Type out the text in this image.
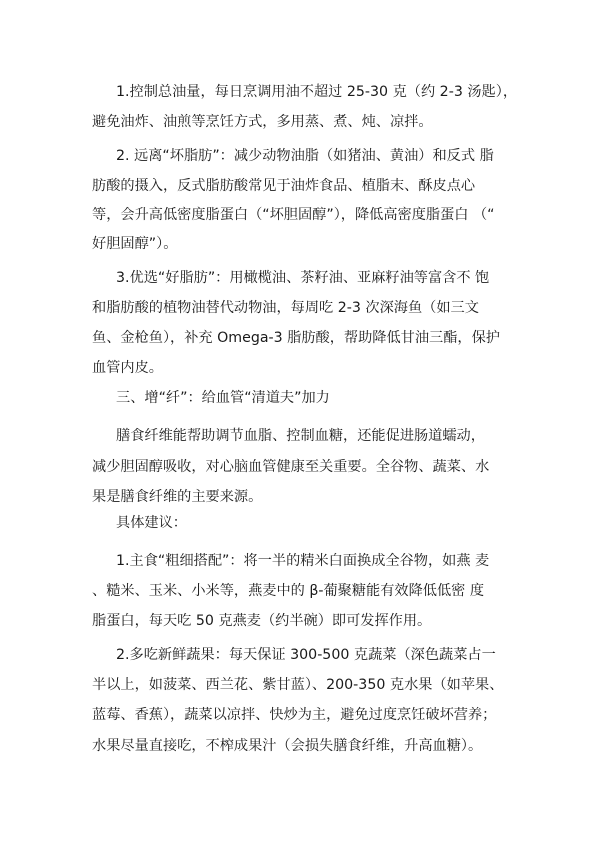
1.控制总油量，每日烹调用油不超过 25-30 克（约 2-3 汤匙），
避免油炸、油煎等烹饪方式，多用蒸、煮、炖、凉拌。
2. 远离“坏脂肪”：减少动物油脂（如猪油、黄油）和反式 脂
肪酸的摄入，反式脂肪酸常见于油炸食品、植脂末、酥皮点心
等，会升高低密度脂蛋白（“坏胆固醇”），降低高密度脂蛋白 （“
好胆固醇”）。
3.优选“好脂肪”：用橄榄油、茶籽油、亚麻籽油等富含不 饱
和脂肪酸的植物油替代动物油，每周吃 2-3 次深海鱼（如三文
鱼、金枪鱼），补充 Omega-3 脂肪酸，帮助降低甘油三酯，保护
血管内皮。
三、增“纤”：给血管“清道夫”加力
膳食纤维能帮助调节血脂、控制血糖，还能促进肠道蠕动，
减少胆固醇吸收，对心脑血管健康至关重要。全谷物、蔬菜、水
果是膳食纤维的主要来源。
具体建议：
1.主食“粗细搭配”：将一半的精米白面换成全谷物，如燕 麦
、糙米、玉米、小米等，燕麦中的 β-葡聚糖能有效降低低密 度
脂蛋白，每天吃 50 克燕麦（约半碗）即可发挥作用。
2.多吃新鲜蔬果：每天保证 300-500 克蔬菜（深色蔬菜占一
半以上，如菠菜、西兰花、紫甘蓝）、200-350 克水果（如苹果、
蓝莓、香蕉），蔬菜以凉拌、快炒为主，避免过度烹饪破坏营养；
水果尽量直接吃，不榨成果汁（会损失膳食纤维，升高血糖）。
